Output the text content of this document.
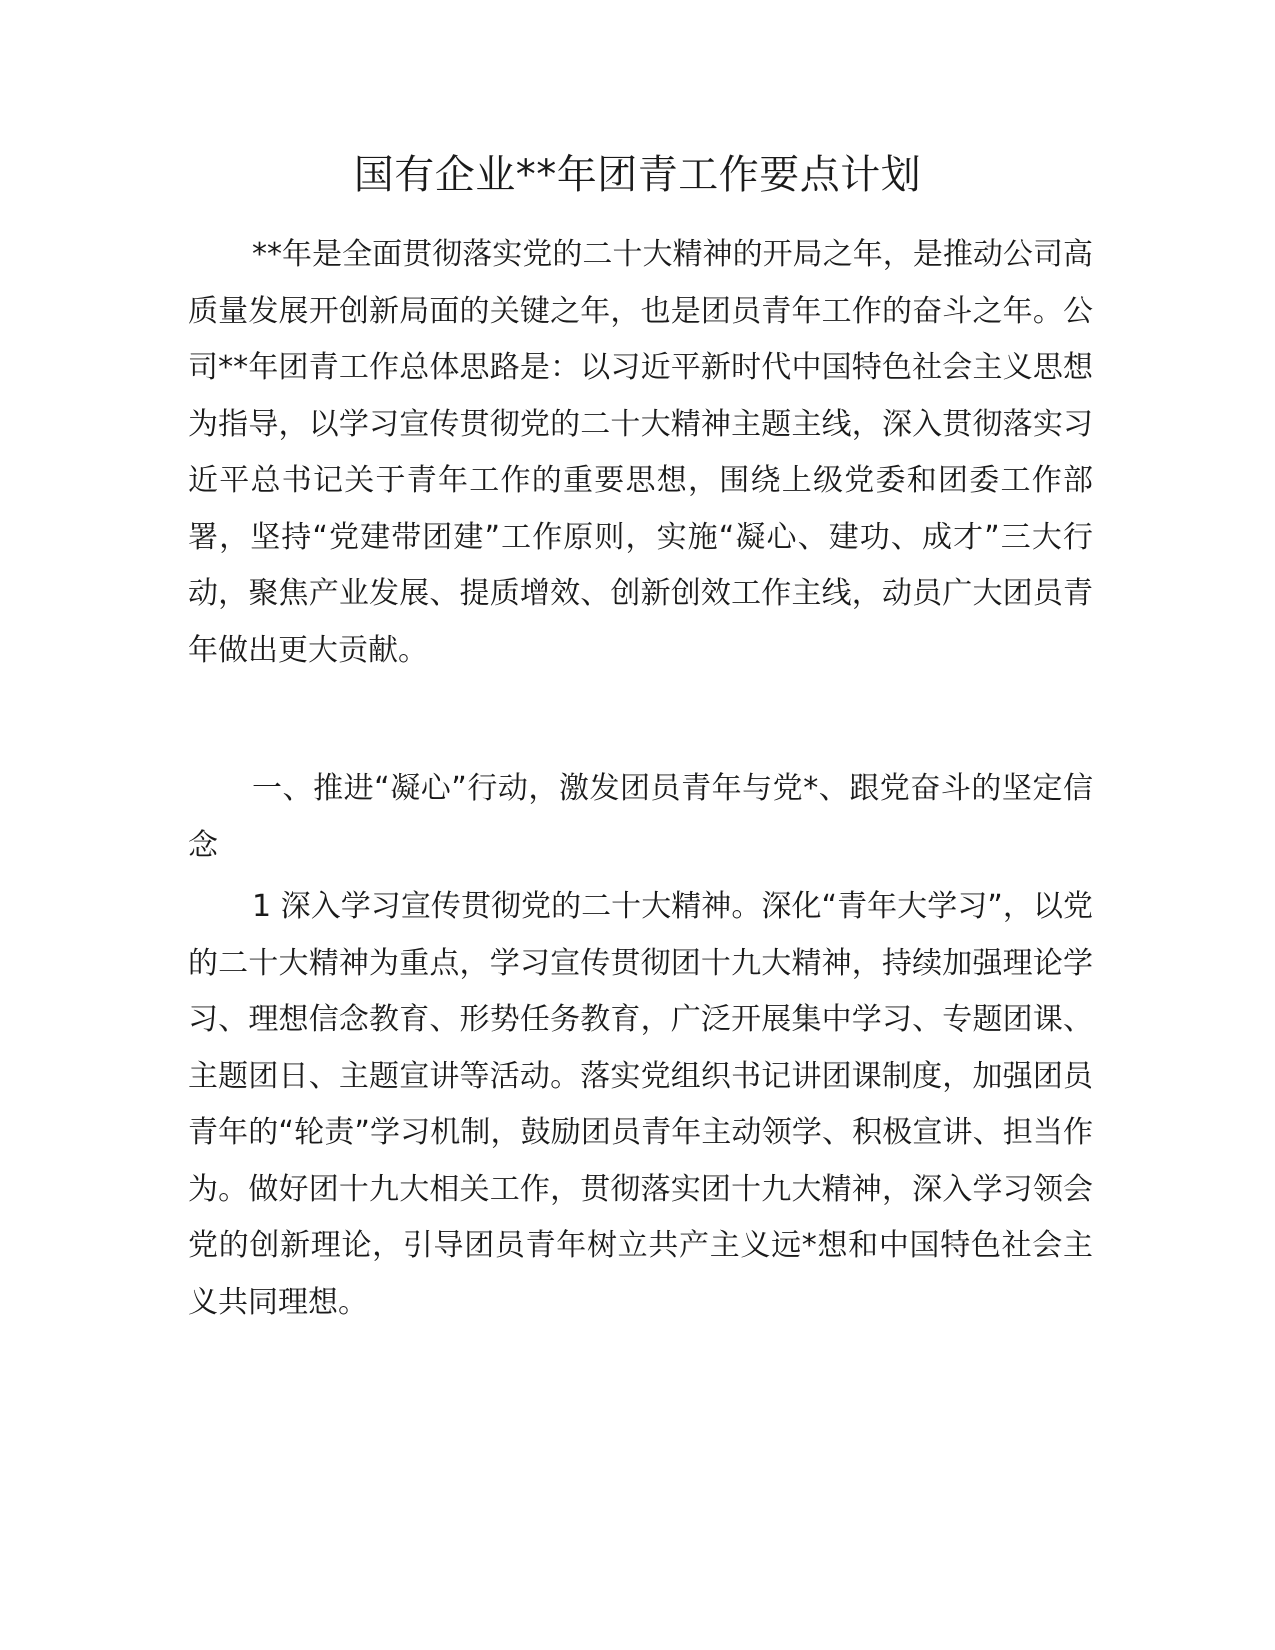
国有企业**年团青工作要点计划

**年是全面贯彻落实党的二十大精神的开局之年，是推动公司高质量发展开创新局面的关键之年，也是团员青年工作的奋斗之年。公司**年团青工作总体思路是：以习近平新时代中国特色社会主义思想为指导，以学习宣传贯彻党的二十大精神主题主线，深入贯彻落实习近平总书记关于青年工作的重要思想，围绕上级党委和团委工作部署，坚持“党建带团建”工作原则，实施“凝心、建功、成才”三大行动，聚焦产业发展、提质增效、创新创效工作主线，动员广大团员青年做出更大贡献。

一、推进“凝心”行动，激发团员青年与党*、跟党奋斗的坚定信念

1 深入学习宣传贯彻党的二十大精神。深化“青年大学习”，以党的二十大精神为重点，学习宣传贯彻团十九大精神，持续加强理论学习、理想信念教育、形势任务教育，广泛开展集中学习、专题团课、主题团日、主题宣讲等活动。落实党组织书记讲团课制度，加强团员青年的“轮责”学习机制，鼓励团员青年主动领学、积极宣讲、担当作为。做好团十九大相关工作，贯彻落实团十九大精神，深入学习领会党的创新理论，引导团员青年树立共产主义远*想和中国特色社会主义共同理想。
